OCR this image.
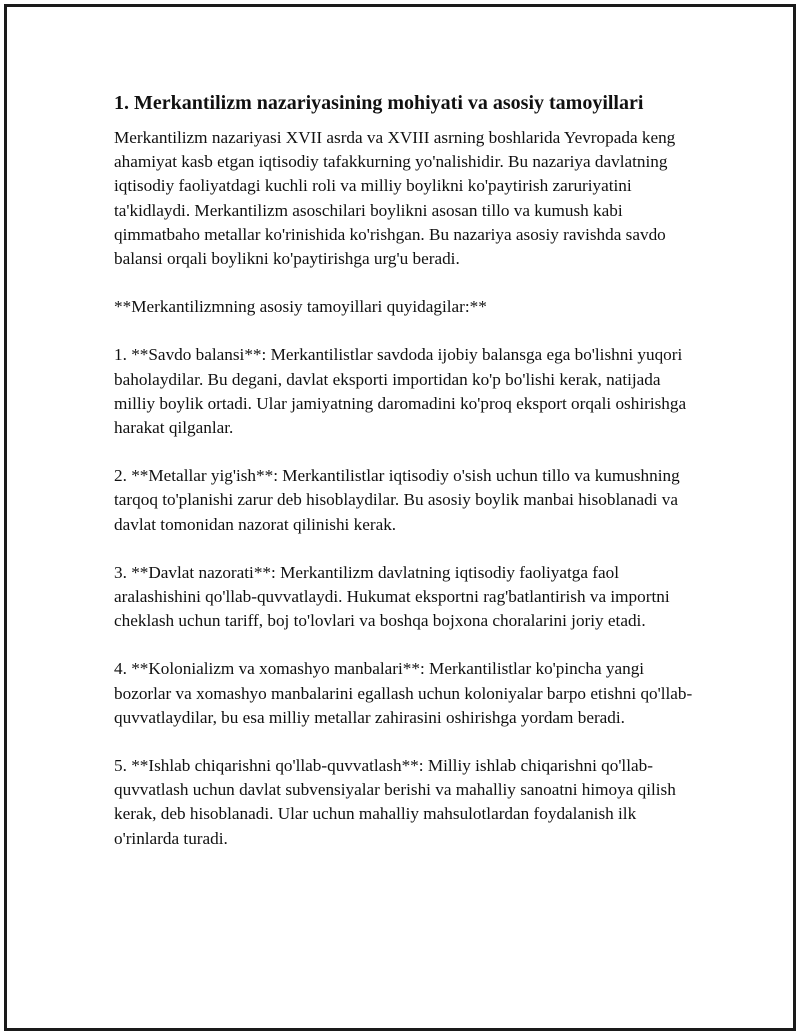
1. Merkantilizm nazariyasining mohiyati va asosiy tamoyillari

Merkantilizm nazariyasi XVII asrda va XVIII asrning boshlarida Yevropada keng ahamiyat kasb etgan iqtisodiy tafakkurning yo'nalishidir. Bu nazariya davlatning iqtisodiy faoliyatdagi kuchli roli va milliy boylikni ko'paytirish zaruriyatini ta'kidlaydi. Merkantilizm asoschilari boylikni asosan tillo va kumush kabi qimmatbaho metallar ko'rinishida ko'rishgan. Bu nazariya asosiy ravishda savdo balansi orqali boylikni ko'paytirishga urg'u beradi.

**Merkantilizmning asosiy tamoyillari quyidagilar:**

1. **Savdo balansi**: Merkantilistlar savdoda ijobiy balansga ega bo'lishni yuqori baholaydilar. Bu degani, davlat eksporti importidan ko'p bo'lishi kerak, natijada milliy boylik ortadi. Ular jamiyatning daromadini ko'proq eksport orqali oshirishga harakat qilganlar.

2. **Metallar yig'ish**: Merkantilistlar iqtisodiy o'sish uchun tillo va kumushning tarqoq to'planishi zarur deb hisoblaydilar. Bu asosiy boylik manbai hisoblanadi va davlat tomonidan nazorat qilinishi kerak.

3. **Davlat nazorati**: Merkantilizm davlatning iqtisodiy faoliyatga faol aralashishini qo'llab-quvvatlaydi. Hukumat eksportni rag'batlantirish va importni cheklash uchun tariff, boj to'lovlari va boshqa bojxona choralarini joriy etadi.

4. **Kolonializm va xomashyo manbalari**: Merkantilistlar ko'pincha yangi bozorlar va xomashyo manbalarini egallash uchun koloniyalar barpo etishni qo'llab-quvvatlaydilar, bu esa milliy metallar zahirasini oshirishga yordam beradi.

5. **Ishlab chiqarishni qo'llab-quvvatlash**: Milliy ishlab chiqarishni qo'llab-quvvatlash uchun davlat subvensiyalar berishi va mahalliy sanoatni himoya qilish kerak, deb hisoblanadi. Ular uchun mahalliy mahsulotlardan foydalanish ilk o'rinlarda turadi.
